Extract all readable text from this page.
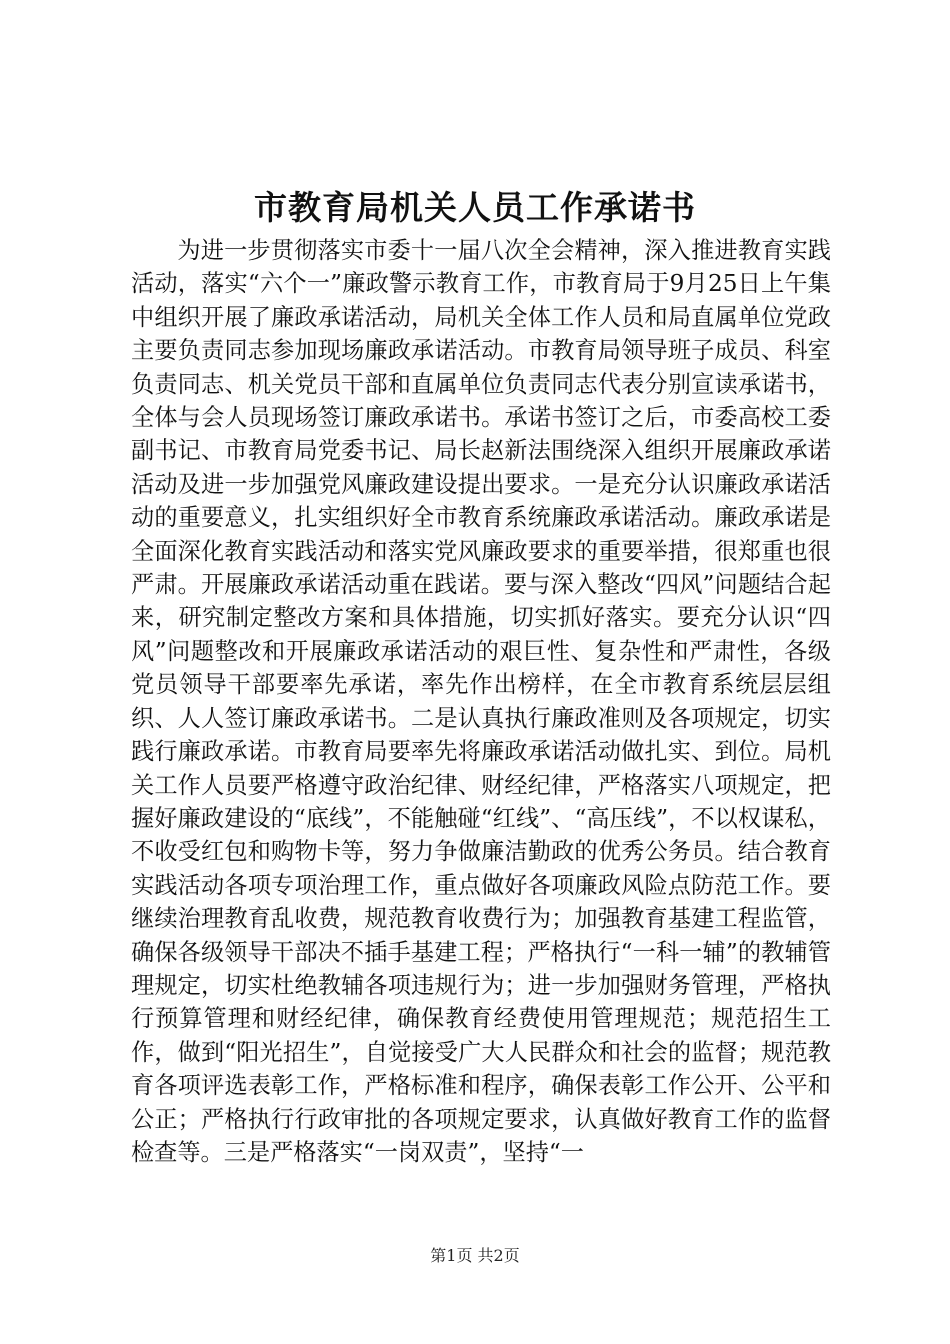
市教育局机关人员工作承诺书

为进一步贯彻落实市委十一届八次全会精神，深入推进教育实践活动，落实“六个一”廉政警示教育工作，市教育局于9月25日上午集中组织开展了廉政承诺活动，局机关全体工作人员和局直属单位党政主要负责同志参加现场廉政承诺活动。市教育局领导班子成员、科室负责同志、机关党员干部和直属单位负责同志代表分别宣读承诺书，全体与会人员现场签订廉政承诺书。承诺书签订之后，市委高校工委副书记、市教育局党委书记、局长赵新法围绕深入组织开展廉政承诺活动及进一步加强党风廉政建设提出要求。一是充分认识廉政承诺活动的重要意义，扎实组织好全市教育系统廉政承诺活动。廉政承诺是全面深化教育实践活动和落实党风廉政要求的重要举措，很郑重也很严肃。开展廉政承诺活动重在践诺。要与深入整改“四风”问题结合起来，研究制定整改方案和具体措施，切实抓好落实。要充分认识“四风”问题整改和开展廉政承诺活动的艰巨性、复杂性和严肃性，各级党员领导干部要率先承诺，率先作出榜样，在全市教育系统层层组织、人人签订廉政承诺书。二是认真执行廉政准则及各项规定，切实践行廉政承诺。市教育局要率先将廉政承诺活动做扎实、到位。局机关工作人员要严格遵守政治纪律、财经纪律，严格落实八项规定，把握好廉政建设的“底线”，不能触碰“红线”、“高压线”，不以权谋私，不收受红包和购物卡等，努力争做廉洁勤政的优秀公务员。结合教育实践活动各项专项治理工作，重点做好各项廉政风险点防范工作。要继续治理教育乱收费，规范教育收费行为；加强教育基建工程监管，确保各级领导干部决不插手基建工程；严格执行“一科一辅”的教辅管理规定，切实杜绝教辅各项违规行为；进一步加强财务管理，严格执行预算管理和财经纪律，确保教育经费使用管理规范；规范招生工作，做到“阳光招生”，自觉接受广大人民群众和社会的监督；规范教育各项评选表彰工作，严格标准和程序，确保表彰工作公开、公平和公正；严格执行行政审批的各项规定要求，认真做好教育工作的监督检查等。三是严格落实“一岗双责”，坚持“一

第1页 共2页
